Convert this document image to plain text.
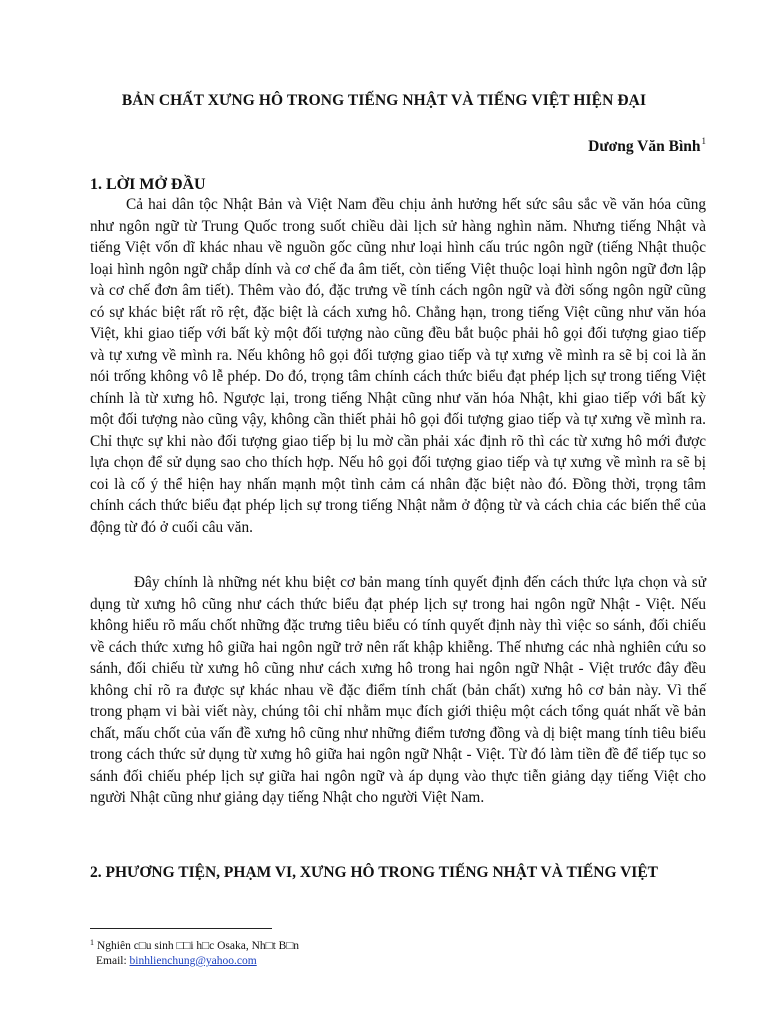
BẢN CHẤT XƯNG HÔ TRONG TIẾNG NHẬT VÀ TIẾNG VIỆT HIỆN ĐẠI
Dương Văn Bình$^1$
1. LỜI MỞ ĐẦU
Cả hai dân tộc Nhật Bản và Việt Nam đều chịu ảnh hưởng hết sức sâu sắc về văn hóa cũng như ngôn ngữ từ Trung Quốc trong suốt chiều dài lịch sử hàng nghìn năm. Nhưng tiếng Nhật và tiếng Việt vốn dĩ khác nhau về nguồn gốc cũng như loại hình cấu trúc ngôn ngữ (tiếng Nhật thuộc loại hình ngôn ngữ chắp dính và cơ chế đa âm tiết, còn tiếng Việt thuộc loại hình ngôn ngữ đơn lập và cơ chế đơn âm tiết). Thêm vào đó, đặc trưng về tính cách ngôn ngữ và đời sống ngôn ngữ cũng có sự khác biệt rất rõ rệt, đặc biệt là cách xưng hô. Chẳng hạn, trong tiếng Việt cũng như văn hóa Việt, khi giao tiếp với bất kỳ một đối tượng nào cũng đều bắt buộc phải hô gọi đối tượng giao tiếp và tự xưng về mình ra. Nếu không hô gọi đối tượng giao tiếp và tự xưng về mình ra sẽ bị coi là ăn nói trống không vô lễ phép. Do đó, trọng tâm chính cách thức biểu đạt phép lịch sự trong tiếng Việt chính là từ xưng hô. Ngược lại, trong tiếng Nhật cũng như văn hóa Nhật, khi giao tiếp với bất kỳ một đối tượng nào cũng vậy, không cần thiết phải hô gọi đối tượng giao tiếp và tự xưng về mình ra. Chỉ thực sự khi nào đối tượng giao tiếp bị lu mờ cần phải xác định rõ thì các từ xưng hô mới được lựa chọn để sử dụng sao cho thích hợp. Nếu hô gọi đối tượng giao tiếp và tự xưng về mình ra sẽ bị coi là cố ý thể hiện hay nhấn mạnh một tình cảm cá nhân đặc biệt nào đó. Đồng thời, trọng tâm chính cách thức biểu đạt phép lịch sự trong tiếng Nhật nằm ở động từ và cách chia các biến thể của động từ đó ở cuối câu văn.
Đây chính là những nét khu biệt cơ bản mang tính quyết định đến cách thức lựa chọn và sử dụng từ xưng hô cũng như cách thức biểu đạt phép lịch sự trong hai ngôn ngữ Nhật - Việt. Nếu không hiểu rõ mấu chốt những đặc trưng tiêu biểu có tính quyết định này thì việc so sánh, đối chiếu về cách thức xưng hô giữa hai ngôn ngữ trở nên rất khập khiễng. Thế nhưng các nhà nghiên cứu so sánh, đối chiếu từ xưng hô cũng như cách xưng hô trong hai ngôn ngữ Nhật - Việt trước đây đều không chỉ rõ ra được sự khác nhau về đặc điểm tính chất (bản chất) xưng hô cơ bản này. Vì thế trong phạm vi bài viết này, chúng tôi chỉ nhằm mục đích giới thiệu một cách tổng quát nhất về bản chất, mấu chốt của vấn đề xưng hô cũng như những điểm tương đồng và dị biệt mang tính tiêu biểu trong cách thức sử dụng từ xưng hô giữa hai ngôn ngữ Nhật - Việt. Từ đó làm tiền đề để tiếp tục so sánh đối chiếu phép lịch sự giữa hai ngôn ngữ và áp dụng vào thực tiễn giảng dạy tiếng Việt cho người Nhật cũng như giảng dạy tiếng Nhật cho người Việt Nam.
2. PHƯƠNG TIỆN, PHẠM VI, XƯNG HÔ TRONG TIẾNG NHẬT VÀ TIẾNG VIỆT
$^1$ Nghiên c□u sinh □□i h□c Osaka, Nh□t B□n
Email: binhlienchung@yahoo.com
